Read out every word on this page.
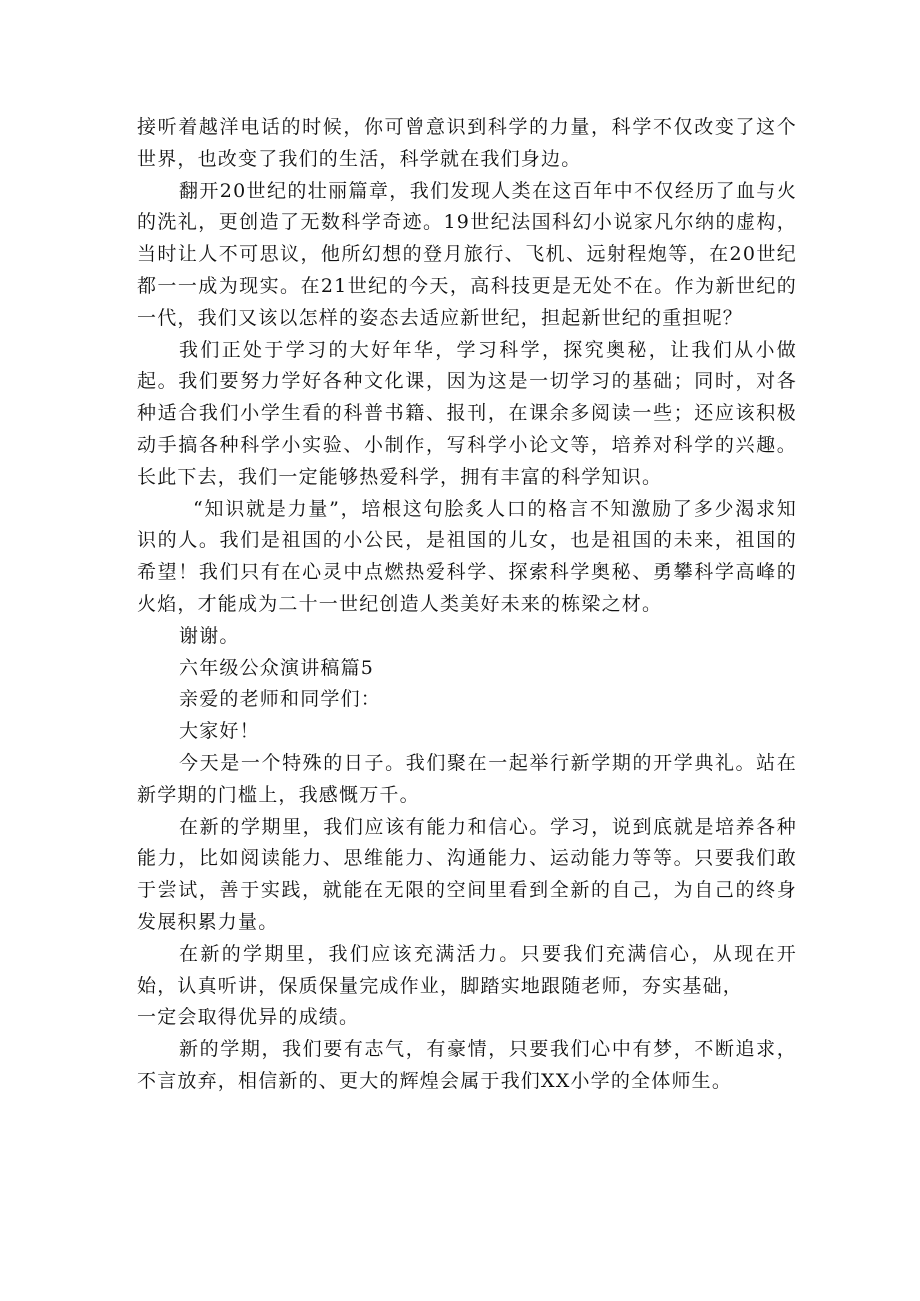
接听着越洋电话的时候，你可曾意识到科学的力量，科学不仅改变了这个世界，也改变了我们的生活，科学就在我们身边。

翻开20世纪的壮丽篇章，我们发现人类在这百年中不仅经历了血与火的洗礼，更创造了无数科学奇迹。19世纪法国科幻小说家凡尔纳的虚构，当时让人不可思议，他所幻想的登月旅行、飞机、远射程炮等，在20世纪都一一成为现实。在21世纪的今天，高科技更是无处不在。作为新世纪的一代，我们又该以怎样的姿态去适应新世纪，担起新世纪的重担呢？

我们正处于学习的大好年华，学习科学，探究奥秘，让我们从小做起。我们要努力学好各种文化课，因为这是一切学习的基础；同时，对各种适合我们小学生看的科普书籍、报刊，在课余多阅读一些；还应该积极动手搞各种科学小实验、小制作，写科学小论文等，培养对科学的兴趣。长此下去，我们一定能够热爱科学，拥有丰富的科学知识。

“知识就是力量”，培根这句脍炙人口的格言不知激励了多少渴求知识的人。我们是祖国的小公民，是祖国的儿女，也是祖国的未来，祖国的希望！我们只有在心灵中点燃热爱科学、探索科学奥秘、勇攀科学高峰的火焰，才能成为二十一世纪创造人类美好未来的栋梁之材。

谢谢。

六年级公众演讲稿篇5

亲爱的老师和同学们：

大家好！

今天是一个特殊的日子。我们聚在一起举行新学期的开学典礼。站在新学期的门槛上，我感慨万千。

在新的学期里，我们应该有能力和信心。学习，说到底就是培养各种能力，比如阅读能力、思维能力、沟通能力、运动能力等等。只要我们敢于尝试，善于实践，就能在无限的空间里看到全新的自己，为自己的终身发展积累力量。

在新的学期里，我们应该充满活力。只要我们充满信心，从现在开始，认真听讲，保质保量完成作业，脚踏实地跟随老师，夯实基础，

一定会取得优异的成绩。

新的学期，我们要有志气，有豪情，只要我们心中有梦，不断追求，不言放弃，相信新的、更大的辉煌会属于我们XX小学的全体师生。
